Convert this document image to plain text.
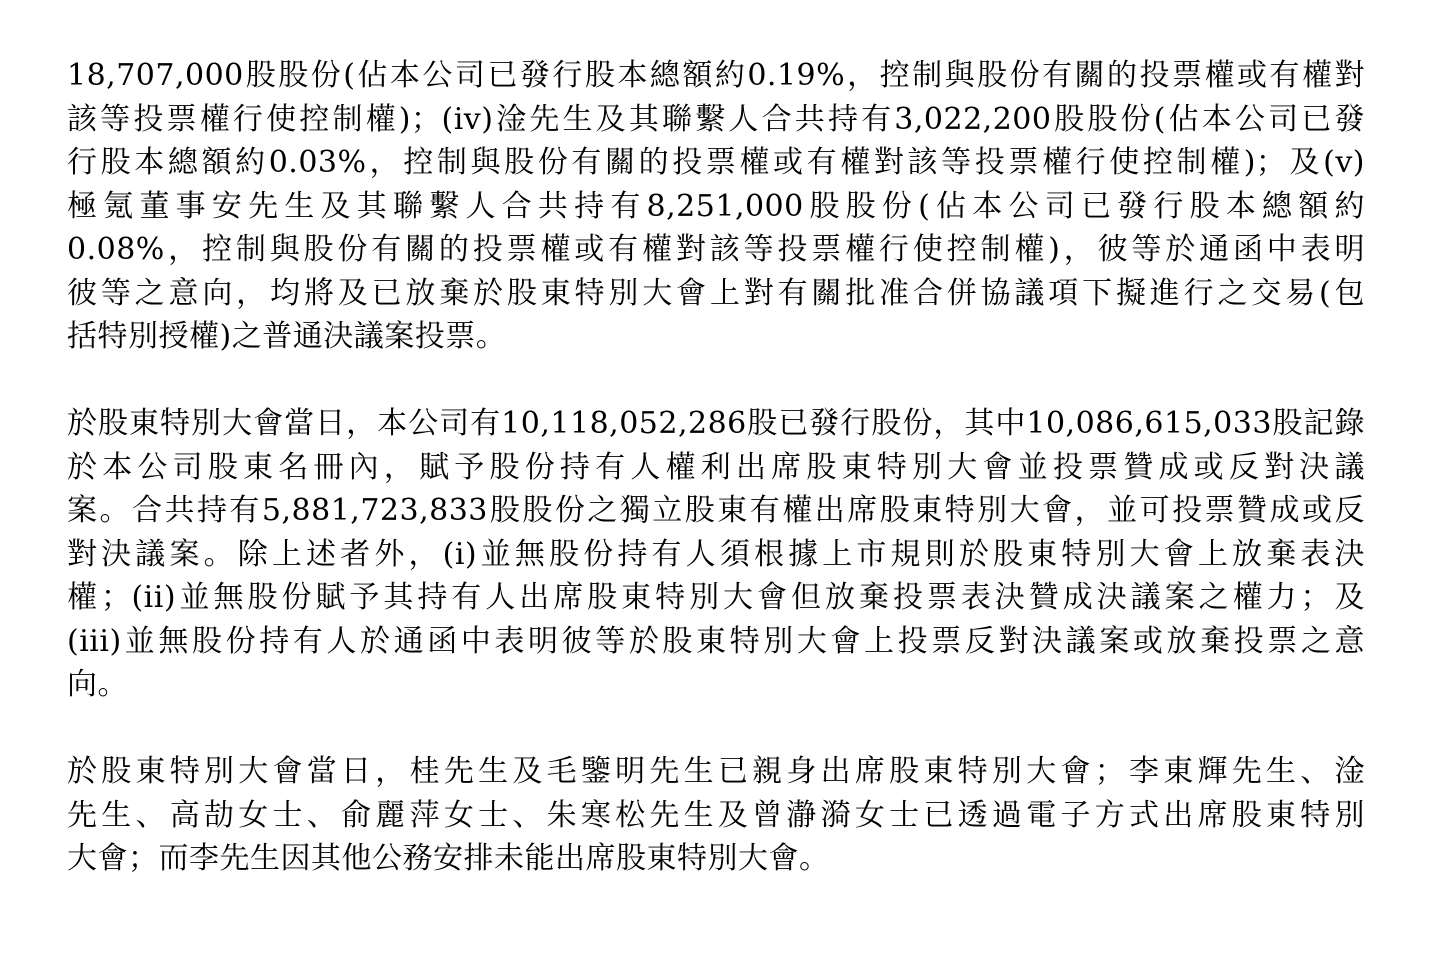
18,707,000股股份(佔本公司已發行股本總額約0.19%，控制與股份有關的投票權或有權對
該等投票權行使控制權)；(iv)淦先生及其聯繫人合共持有3,022,200股股份(佔本公司已發
行股本總額約0.03%，控制與股份有關的投票權或有權對該等投票權行使控制權)；及(v)
極氪董事安先生及其聯繫人合共持有8,251,000股股份(佔本公司已發行股本總額約
0.08%，控制與股份有關的投票權或有權對該等投票權行使控制權)，彼等於通函中表明
彼等之意向，均將及已放棄於股東特別大會上對有關批准合併協議項下擬進行之交易(包
括特別授權)之普通決議案投票。
於股東特別大會當日，本公司有10,118,052,286股已發行股份，其中10,086,615,033股記錄
於本公司股東名冊內，賦予股份持有人權利出席股東特別大會並投票贊成或反對決議
案。合共持有5,881,723,833股股份之獨立股東有權出席股東特別大會，並可投票贊成或反
對決議案。除上述者外，(i)並無股份持有人須根據上市規則於股東特別大會上放棄表決
權；(ii)並無股份賦予其持有人出席股東特別大會但放棄投票表決贊成決議案之權力；及
(iii)並無股份持有人於通函中表明彼等於股東特別大會上投票反對決議案或放棄投票之意
向。
於股東特別大會當日，桂先生及毛鑒明先生已親身出席股東特別大會；李東輝先生、淦
先生、高劼女士、俞麗萍女士、朱寒松先生及曾瀞漪女士已透過電子方式出席股東特別
大會；而李先生因其他公務安排未能出席股東特別大會。
